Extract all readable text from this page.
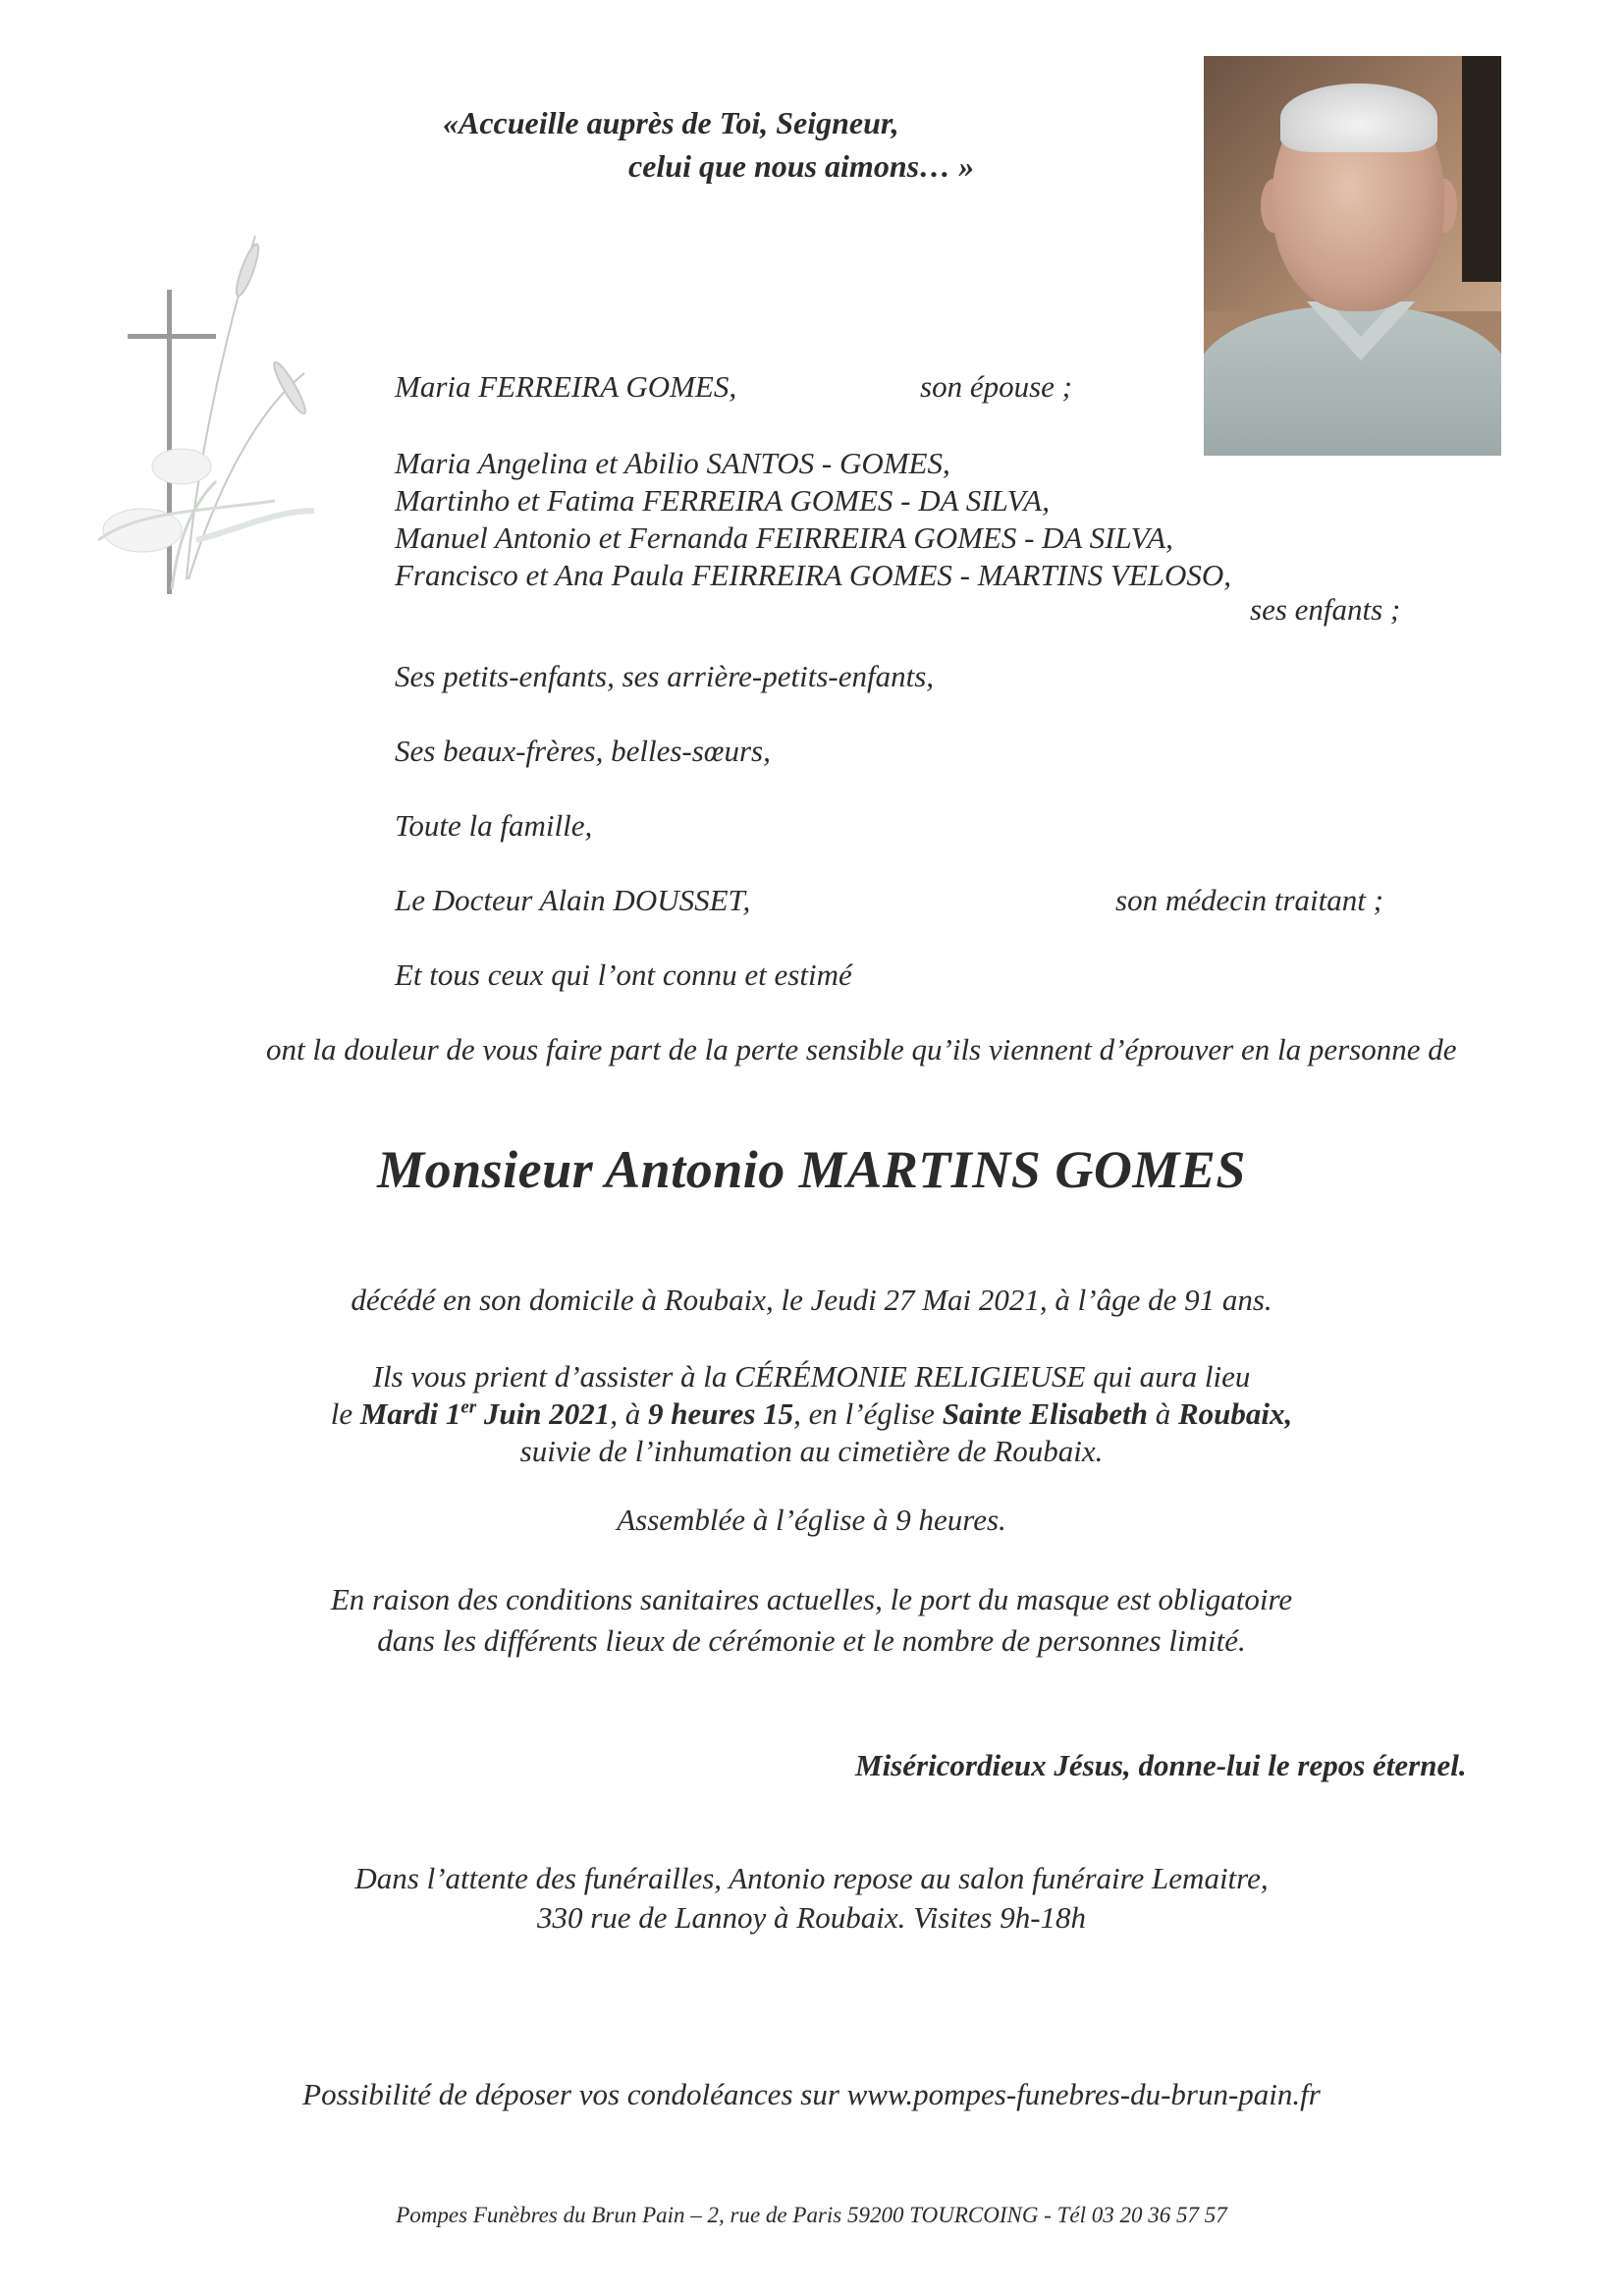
«Accueille auprès de Toi, Seigneur,
celui que nous aimons… »
Maria FERREIRA GOMES,	son épouse ;
Maria Angelina et Abilio SANTOS - GOMES,
Martinho et Fatima FERREIRA GOMES - DA SILVA,
Manuel Antonio et Fernanda FEIRREIRA GOMES - DA SILVA,
Francisco et Ana Paula FEIRREIRA GOMES - MARTINS VELOSO,
ses enfants ;
Ses petits-enfants, ses arrière-petits-enfants,
Ses beaux-frères, belles-sœurs,
Toute la famille,
Le Docteur Alain DOUSSET,	son médecin traitant ;
Et tous ceux qui l’ont connu et estimé
ont la douleur de vous faire part de la perte sensible qu’ils viennent d’éprouver en la personne de
Monsieur Antonio MARTINS GOMES
décédé en son domicile à Roubaix, le Jeudi 27 Mai 2021, à l’âge de 91 ans.
Ils vous prient d’assister à la CÉRÉMONIE RELIGIEUSE qui aura lieu
le Mardi 1er Juin 2021, à 9 heures 15, en l’église Sainte Elisabeth à Roubaix,
suivie de l’inhumation au cimetière de Roubaix.
Assemblée à l’église à 9 heures.
En raison des conditions sanitaires actuelles, le port du masque est obligatoire
dans les différents lieux de cérémonie et le nombre de personnes limité.
Miséricordieux Jésus, donne-lui le repos éternel.
Dans l’attente des funérailles, Antonio repose au salon funéraire Lemaitre,
330 rue de Lannoy à Roubaix. Visites 9h-18h
Possibilité de déposer vos condoléances sur www.pompes-funebres-du-brun-pain.fr
Pompes Funèbres du Brun Pain – 2, rue de Paris 59200 TOURCOING - Tél 03 20 36 57 57
